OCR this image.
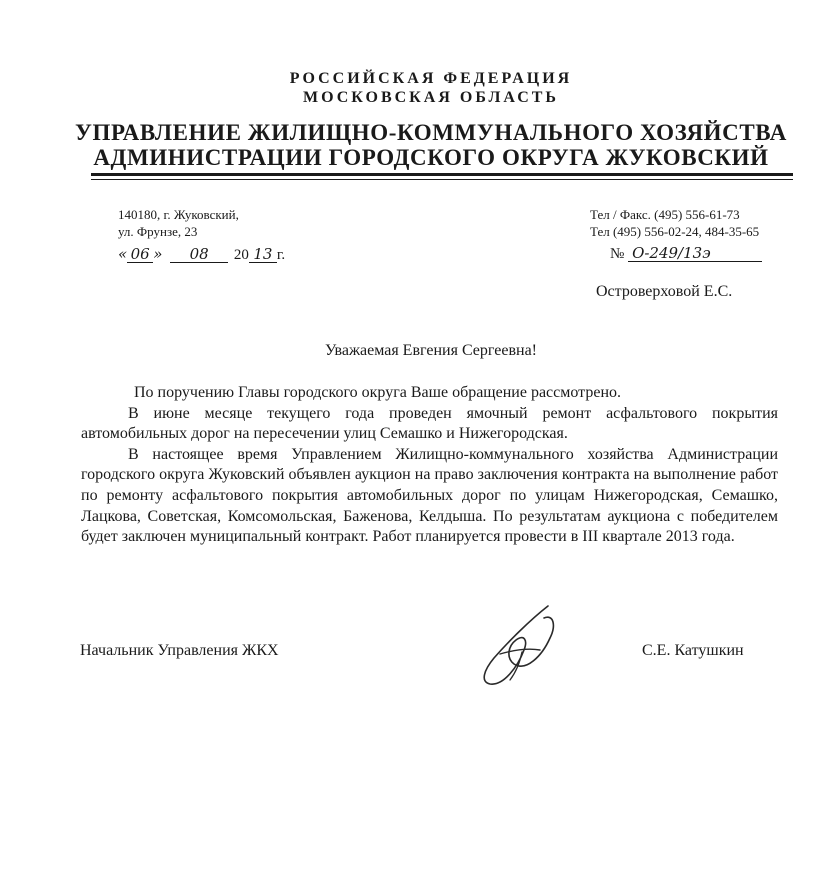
РОССИЙСКАЯ ФЕДЕРАЦИЯ
МОСКОВСКАЯ ОБЛАСТЬ
УПРАВЛЕНИЕ ЖИЛИЩНО-КОММУНАЛЬНОГО ХОЗЯЙСТВА
АДМИНИСТРАЦИИ ГОРОДСКОГО ОКРУГА ЖУКОВСКИЙ
140180, г. Жуковский,
ул. Фрунзе, 23
Тел / Факс. (495) 556-61-73
Тел (495) 556-02-24, 484-35-65
« 06 » 08 20 13 г.	№ О-249/13э
Островерховой Е.С.
Уважаемая Евгения Сергеевна!

По поручению Главы городского округа Ваше обращение рассмотрено.

В июне месяце текущего года проведен ямочный ремонт асфальтового покрытия автомобильных дорог на пересечении улиц Семашко и Нижегородская.

В настоящее время Управлением Жилищно-коммунального хозяйства Администрации городского округа Жуковский объявлен аукцион на право заключения контракта на выполнение работ по ремонту асфальтового покрытия автомобильных дорог по улицам Нижегородская, Семашко, Лацкова, Советская, Комсомольская, Баженова, Келдыша. По результатам аукциона с победителем будет заключен муниципальный контракт. Работ планируется провести в III квартале 2013 года.

Начальник Управления ЖКХ	С.Е. Катушкин
